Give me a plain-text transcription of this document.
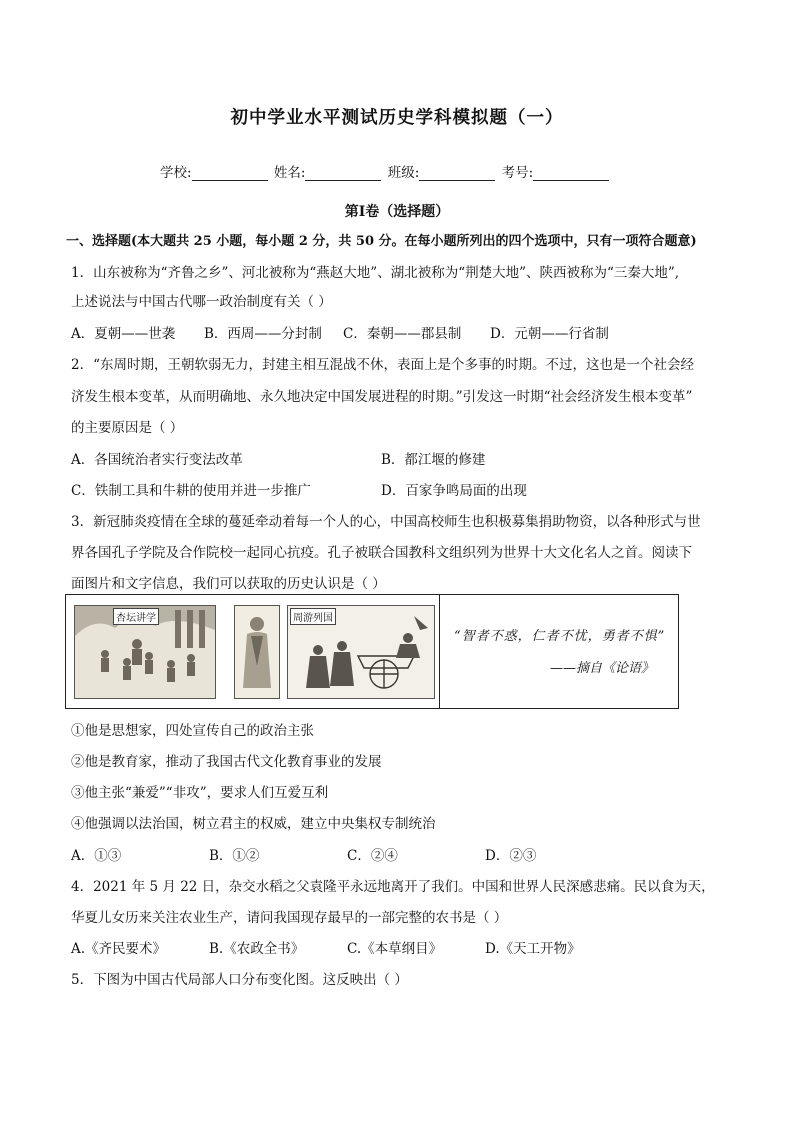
初中学业水平测试历史学科模拟题（一）
学校:	姓名:	班级:	考号:
第Ⅰ卷（选择题）
一、选择题(本大题共 25 小题，每小题 2 分，共 50 分。在每小题所列出的四个选项中，只有一项符合题意)
1．山东被称为“齐鲁之乡”、河北被称为“燕赵大地”、湖北被称为“荆楚大地”、陕西被称为“三秦大地”,
上述说法与中国古代哪一政治制度有关（ ）
A．夏朝——世袭 B．西周——分封制 C．秦朝——郡县制 D．元朝——行省制
2．“东周时期，王朝软弱无力，封建主相互混战不休，表面上是个多事的时期。不过，这也是一个社会经
济发生根本变革，从而明确地、永久地决定中国发展进程的时期。”引发这一时期“社会经济发生根本变革”
的主要原因是（ ）
A．各国统治者实行变法改革	B．都江堰的修建
C．铁制工具和牛耕的使用并进一步推广	D．百家争鸣局面的出现
3．新冠肺炎疫情在全球的蔓延牵动着每一个人的心，中国高校师生也积极募集捐助物资，以各种形式与世
界各国孔子学院及合作院校一起同心抗疫。孔子被联合国教科文组织列为世界十大文化名人之首。阅读下
面图片和文字信息，我们可以获取的历史认识是（ ）
杏坛讲学	周游列国
“智者不惑，仁者不忧，勇者不惧”
——摘自《论语》
①他是思想家，四处宣传自己的政治主张
②他是教育家，推动了我国古代文化教育事业的发展
③他主张“兼爱”“非攻”，要求人们互爱互利
④他强调以法治国，树立君主的权威，建立中央集权专制统治
A．①③	B．①②	C．②④	D．②③
4．2021 年 5 月 22 日，杂交水稻之父袁隆平永远地离开了我们。中国和世界人民深感悲痛。民以食为天，
华夏儿女历来关注农业生产，请问我国现存最早的一部完整的农书是（ ）
A.《齐民要术》	B.《农政全书》	C.《本草纲目》	D.《天工开物》
5．下图为中国古代局部人口分布变化图。这反映出（ ）
